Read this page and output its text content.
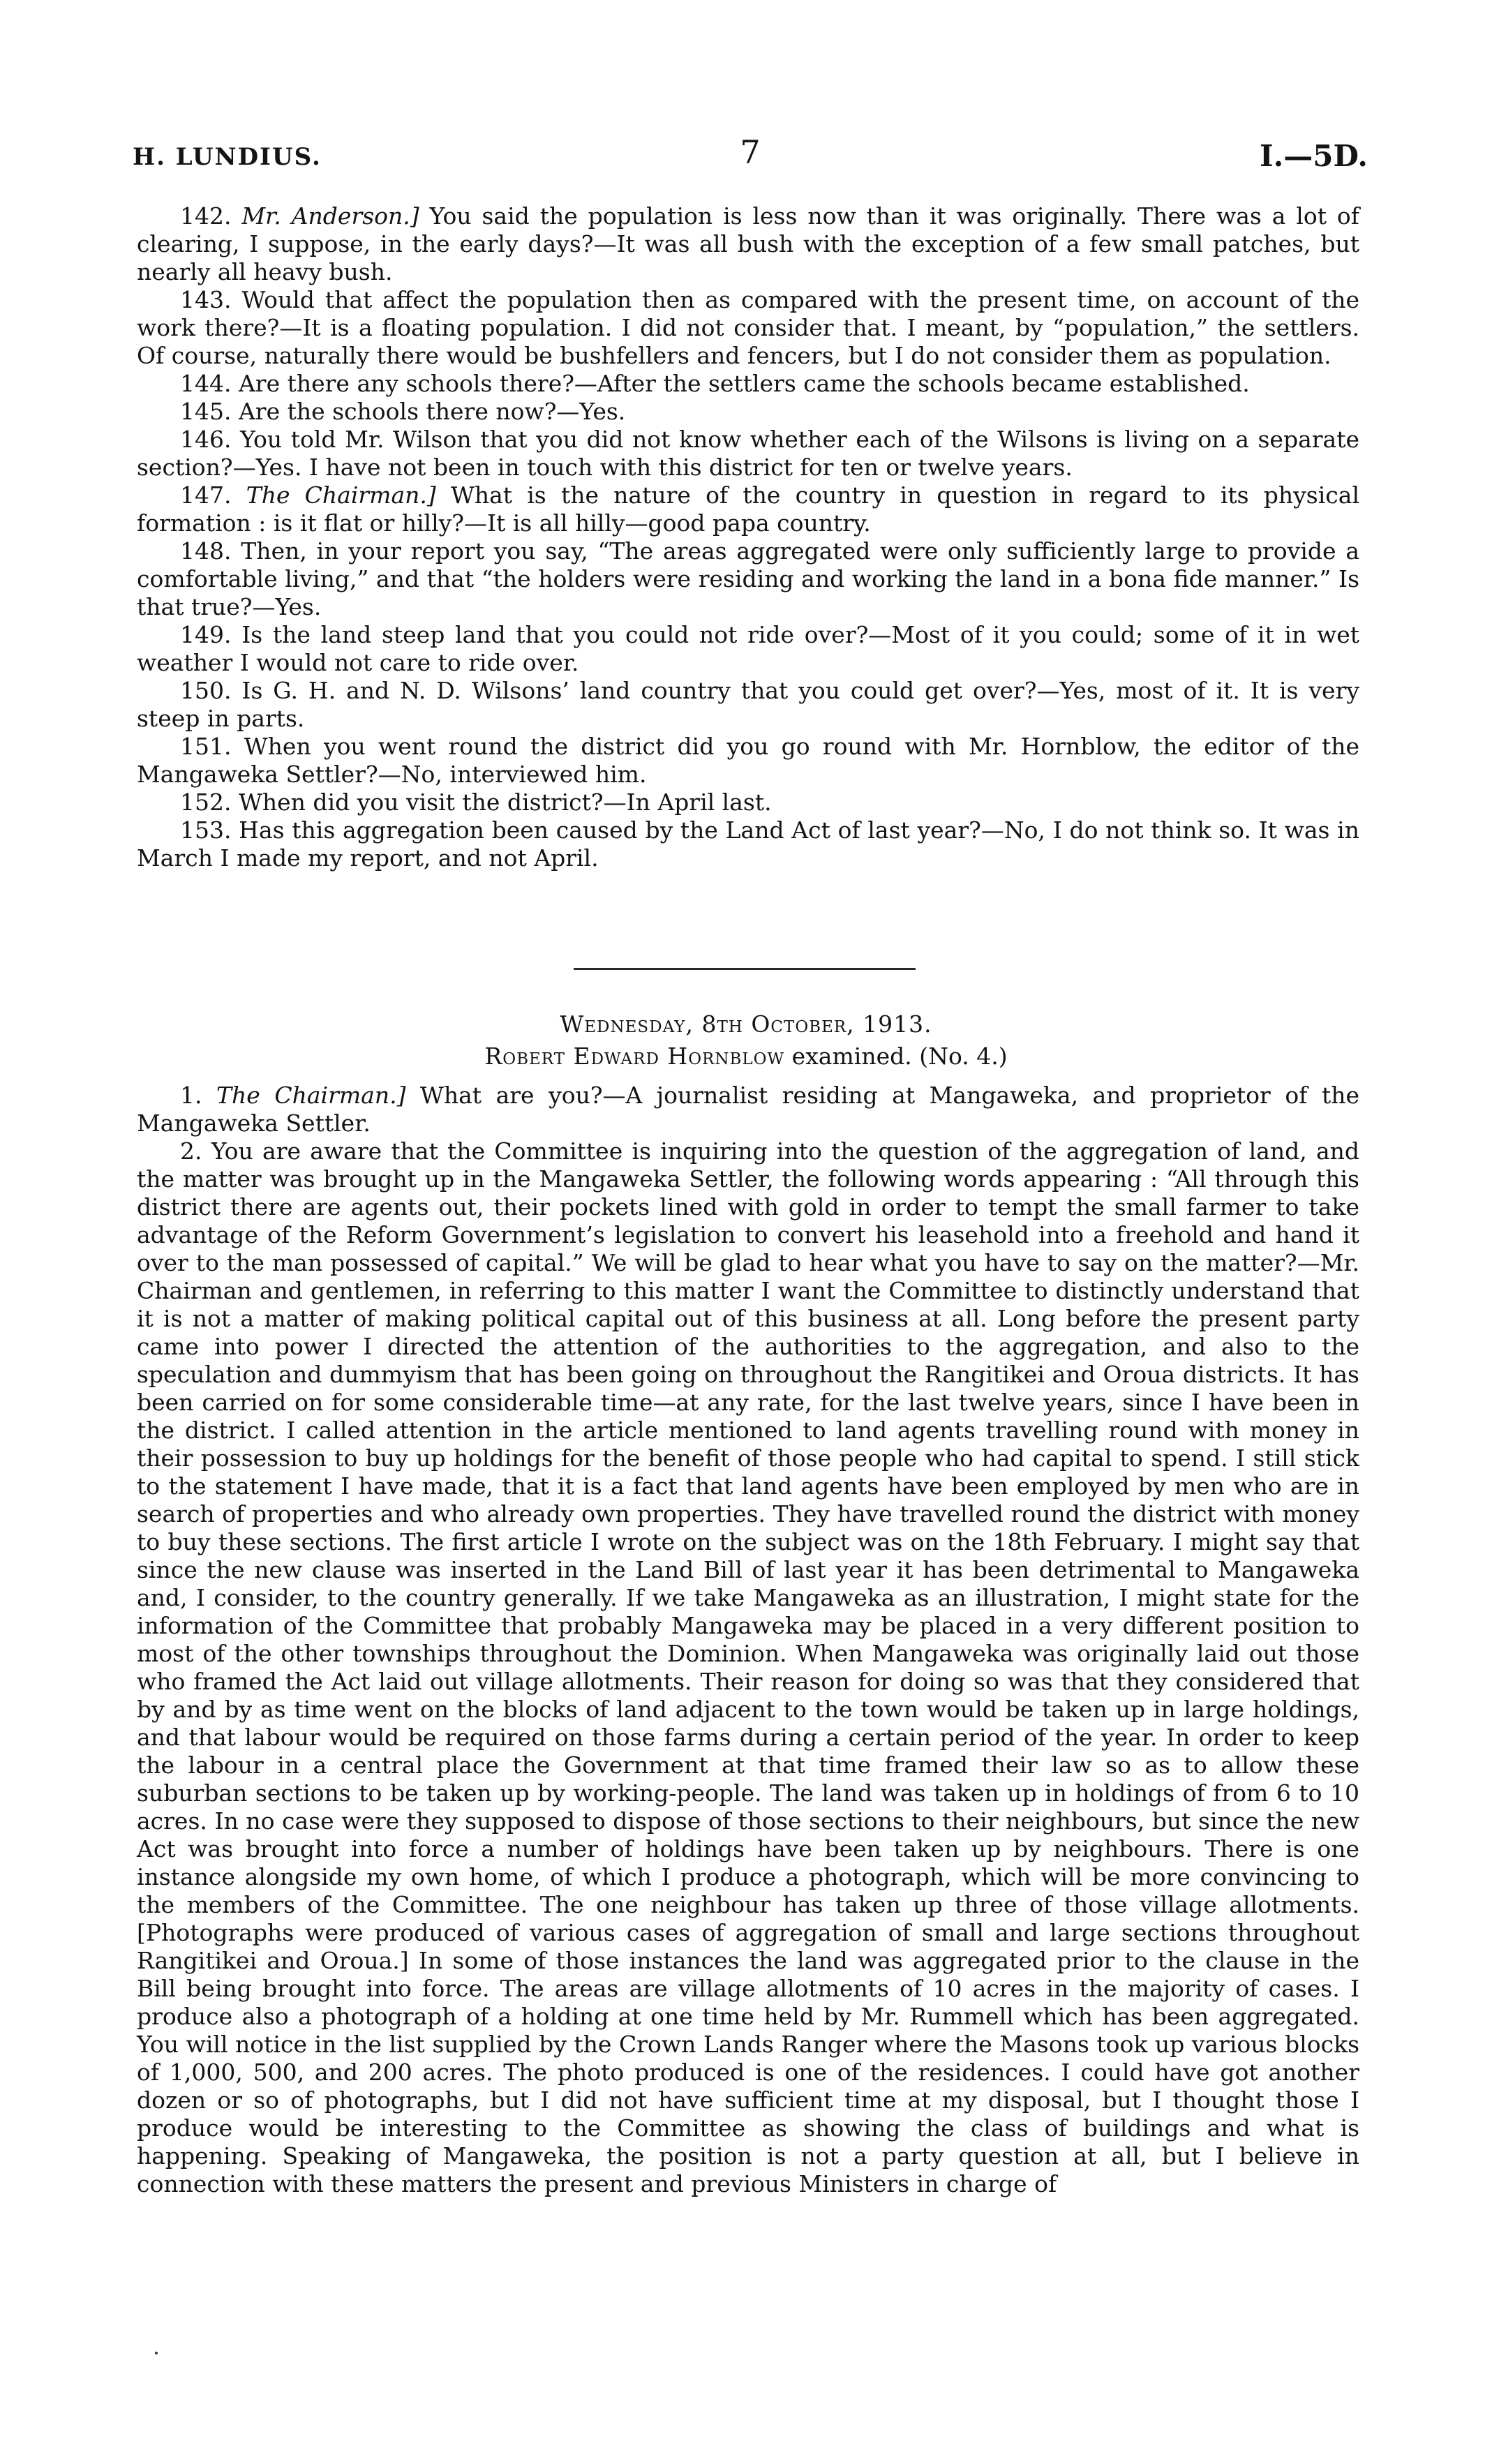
H. LUNDIUS.	7	I.—5D.

142. Mr. Anderson.] You said the population is less now than it was originally. There was a lot of clearing, I suppose, in the early days?—It was all bush with the exception of a few small patches, but nearly all heavy bush.

143. Would that affect the population then as compared with the present time, on account of the work there?—It is a floating population. I did not consider that. I meant, by “population,” the settlers. Of course, naturally there would be bushfellers and fencers, but I do not consider them as population.

144. Are there any schools there?—After the settlers came the schools became established.

145. Are the schools there now?—Yes.

146. You told Mr. Wilson that you did not know whether each of the Wilsons is living on a separate section?—Yes. I have not been in touch with this district for ten or twelve years.

147. The Chairman.] What is the nature of the country in question in regard to its physical formation : is it flat or hilly?—It is all hilly—good papa country.

148. Then, in your report you say, “The areas aggregated were only sufficiently large to provide a comfortable living,” and that “the holders were residing and working the land in a bona fide manner.” Is that true?—Yes.

149. Is the land steep land that you could not ride over?—Most of it you could; some of it in wet weather I would not care to ride over.

150. Is G. H. and N. D. Wilsons’ land country that you could get over?—Yes, most of it. It is very steep in parts.

151. When you went round the district did you go round with Mr. Hornblow, the editor of the Mangaweka Settler?—No, interviewed him.

152. When did you visit the district?—In April last.

153. Has this aggregation been caused by the Land Act of last year?—No, I do not think so. It was in March I made my report, and not April.

Wednesday, 8th October, 1913.
Robert Edward Hornblow examined. (No. 4.)

1. The Chairman.] What are you?—A journalist residing at Mangaweka, and proprietor of the Mangaweka Settler.

2. You are aware that the Committee is inquiring into the question of the aggregation of land, and the matter was brought up in the Mangaweka Settler, the following words appearing : “All through this district there are agents out, their pockets lined with gold in order to tempt the small farmer to take advantage of the Reform Government’s legislation to convert his leasehold into a freehold and hand it over to the man possessed of capital.” We will be glad to hear what you have to say on the matter?—Mr. Chairman and gentlemen, in referring to this matter I want the Committee to distinctly understand that it is not a matter of making political capital out of this business at all. Long before the present party came into power I directed the attention of the authorities to the aggregation, and also to the speculation and dummyism that has been going on throughout the Rangitikei and Oroua districts. It has been carried on for some considerable time—at any rate, for the last twelve years, since I have been in the district. I called attention in the article mentioned to land agents travelling round with money in their possession to buy up holdings for the benefit of those people who had capital to spend. I still stick to the statement I have made, that it is a fact that land agents have been employed by men who are in search of properties and who already own properties. They have travelled round the district with money to buy these sections. The first article I wrote on the subject was on the 18th February. I might say that since the new clause was inserted in the Land Bill of last year it has been detrimental to Mangaweka and, I consider, to the country generally. If we take Mangaweka as an illustration, I might state for the information of the Committee that probably Mangaweka may be placed in a very different position to most of the other townships throughout the Dominion. When Mangaweka was originally laid out those who framed the Act laid out village allotments. Their reason for doing so was that they considered that by and by as time went on the blocks of land adjacent to the town would be taken up in large holdings, and that labour would be required on those farms during a certain period of the year. In order to keep the labour in a central place the Government at that time framed their law so as to allow these suburban sections to be taken up by working-people. The land was taken up in holdings of from 6 to 10 acres. In no case were they supposed to dispose of those sections to their neighbours, but since the new Act was brought into force a number of holdings have been taken up by neighbours. There is one instance alongside my own home, of which I produce a photograph, which will be more convincing to the members of the Committee. The one neighbour has taken up three of those village allotments. [Photographs were produced of various cases of aggregation of small and large sections throughout Rangitikei and Oroua.] In some of those instances the land was aggregated prior to the clause in the Bill being brought into force. The areas are village allotments of 10 acres in the majority of cases. I produce also a photograph of a holding at one time held by Mr. Rummell which has been aggregated. You will notice in the list supplied by the Crown Lands Ranger where the Masons took up various blocks of 1,000, 500, and 200 acres. The photo produced is one of the residences. I could have got another dozen or so of photographs, but I did not have sufficient time at my disposal, but I thought those I produce would be interesting to the Committee as showing the class of buildings and what is happening. Speaking of Mangaweka, the position is not a party question at all, but I believe in connection with these matters the present and previous Ministers in charge of
